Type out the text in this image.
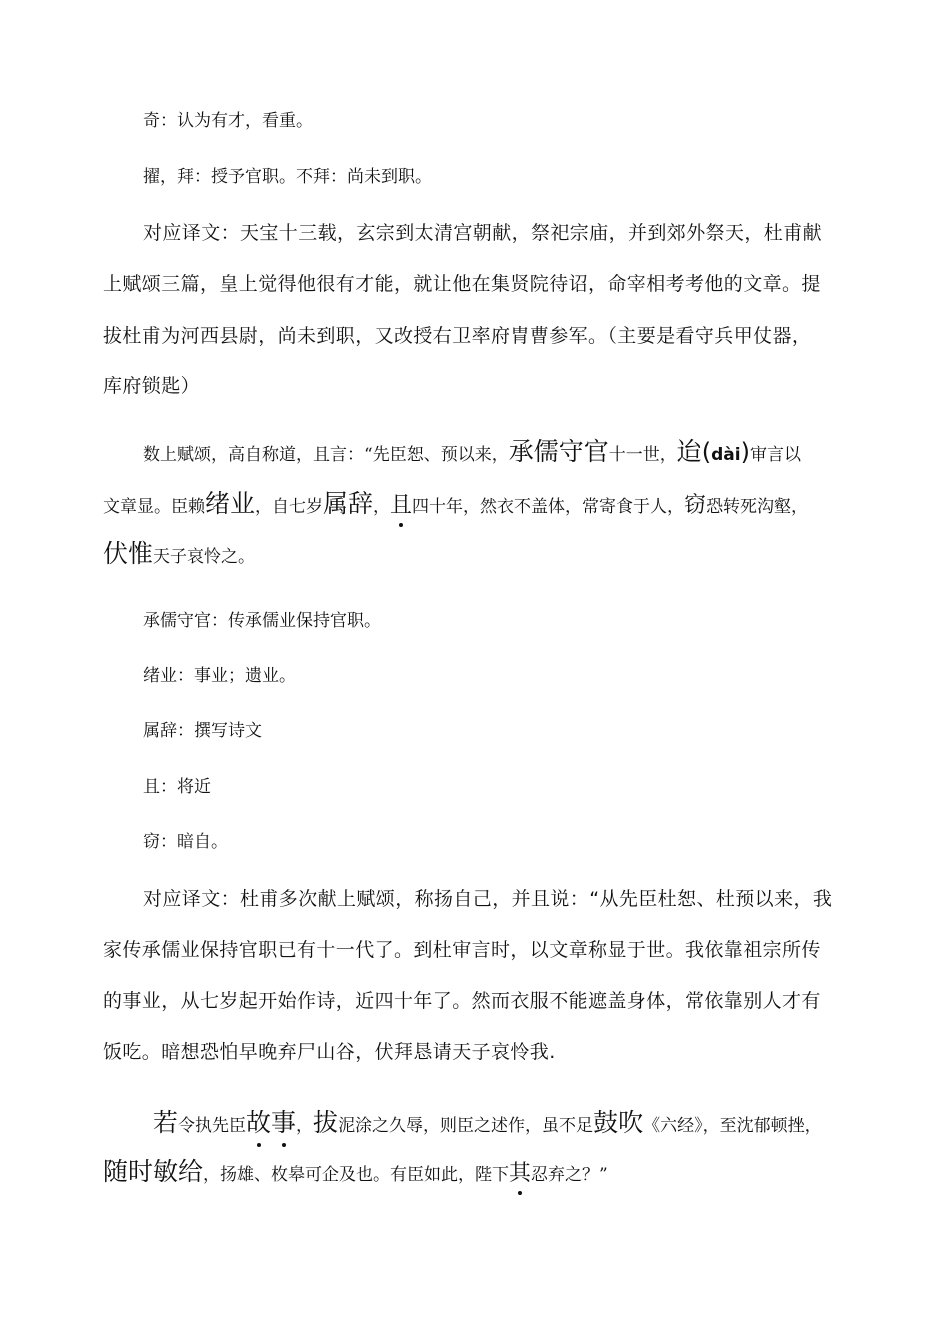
奇：认为有才，看重。
擢，拜：授予官职。不拜：尚未到职。
对应译文：天宝十三载，玄宗到太清宫朝献，祭祀宗庙，并到郊外祭天，杜甫献
上赋颂三篇，皇上觉得他很有才能，就让他在集贤院待诏，命宰相考考他的文章。提
拔杜甫为河西县尉，尚未到职，又改授右卫率府胄曹参军。（主要是看守兵甲仗器，
库府锁匙）
数上赋颂，高自称道，且言：“先臣恕、预以来，承儒守官十一世，迨(dài)审言以
文章显。臣赖绪业，自七岁属辞，且四十年，然衣不盖体，常寄食于人，窃恐转死沟壑，
伏惟天子哀怜之。
承儒守官：传承儒业保持官职。
绪业：事业；遗业。
属辞：撰写诗文
且：将近
窃：暗自。
对应译文：杜甫多次献上赋颂，称扬自己，并且说：“从先臣杜恕、杜预以来，我
家传承儒业保持官职已有十一代了。到杜审言时，以文章称显于世。我依靠祖宗所传
的事业，从七岁起开始作诗，近四十年了。然而衣服不能遮盖身体，常依靠别人才有
饭吃。暗想恐怕早晚弃尸山谷，伏拜恳请天子哀怜我.
若令执先臣故事，拔泥涂之久辱，则臣之述作，虽不足鼓吹《六经》，至沈郁顿挫，
随时敏给，扬雄、枚皋可企及也。有臣如此，陛下其忍弃之？”
